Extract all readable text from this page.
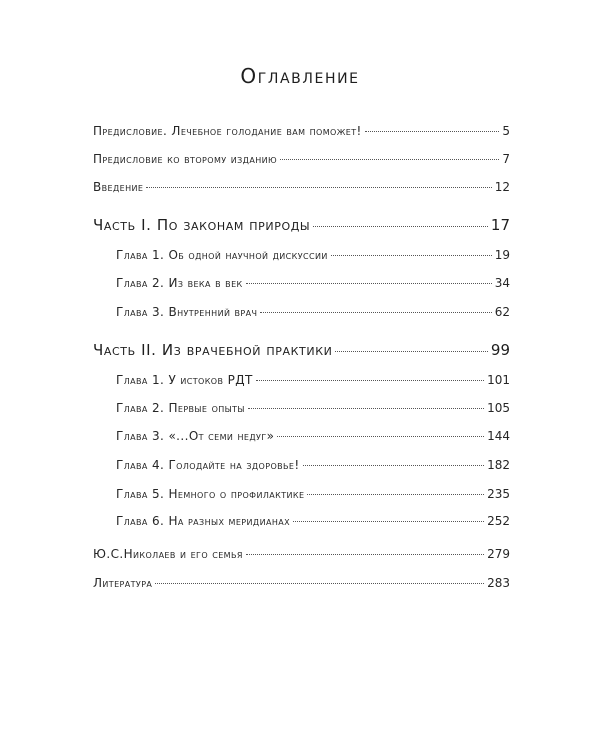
Оглавление
Предисловие. Лечебное голодание вам поможет!	5
Предисловие ко второму изданию	7
Введение	12
Часть I. По законам природы	17
Глава 1. Об одной научной дискуссии	19
Глава 2. Из века в век	34
Глава 3. Внутренний врач	62
Часть II. Из врачебной практики	99
Глава 1. У истоков РДТ	101
Глава 2. Первые опыты	105
Глава 3. «...От семи недуг»	144
Глава 4. Голодайте на здоровье!	182
Глава 5. Немного о профилактике	235
Глава 6. На разных меридианах	252
Ю.С.Николаев и его семья	279
Литература	283
